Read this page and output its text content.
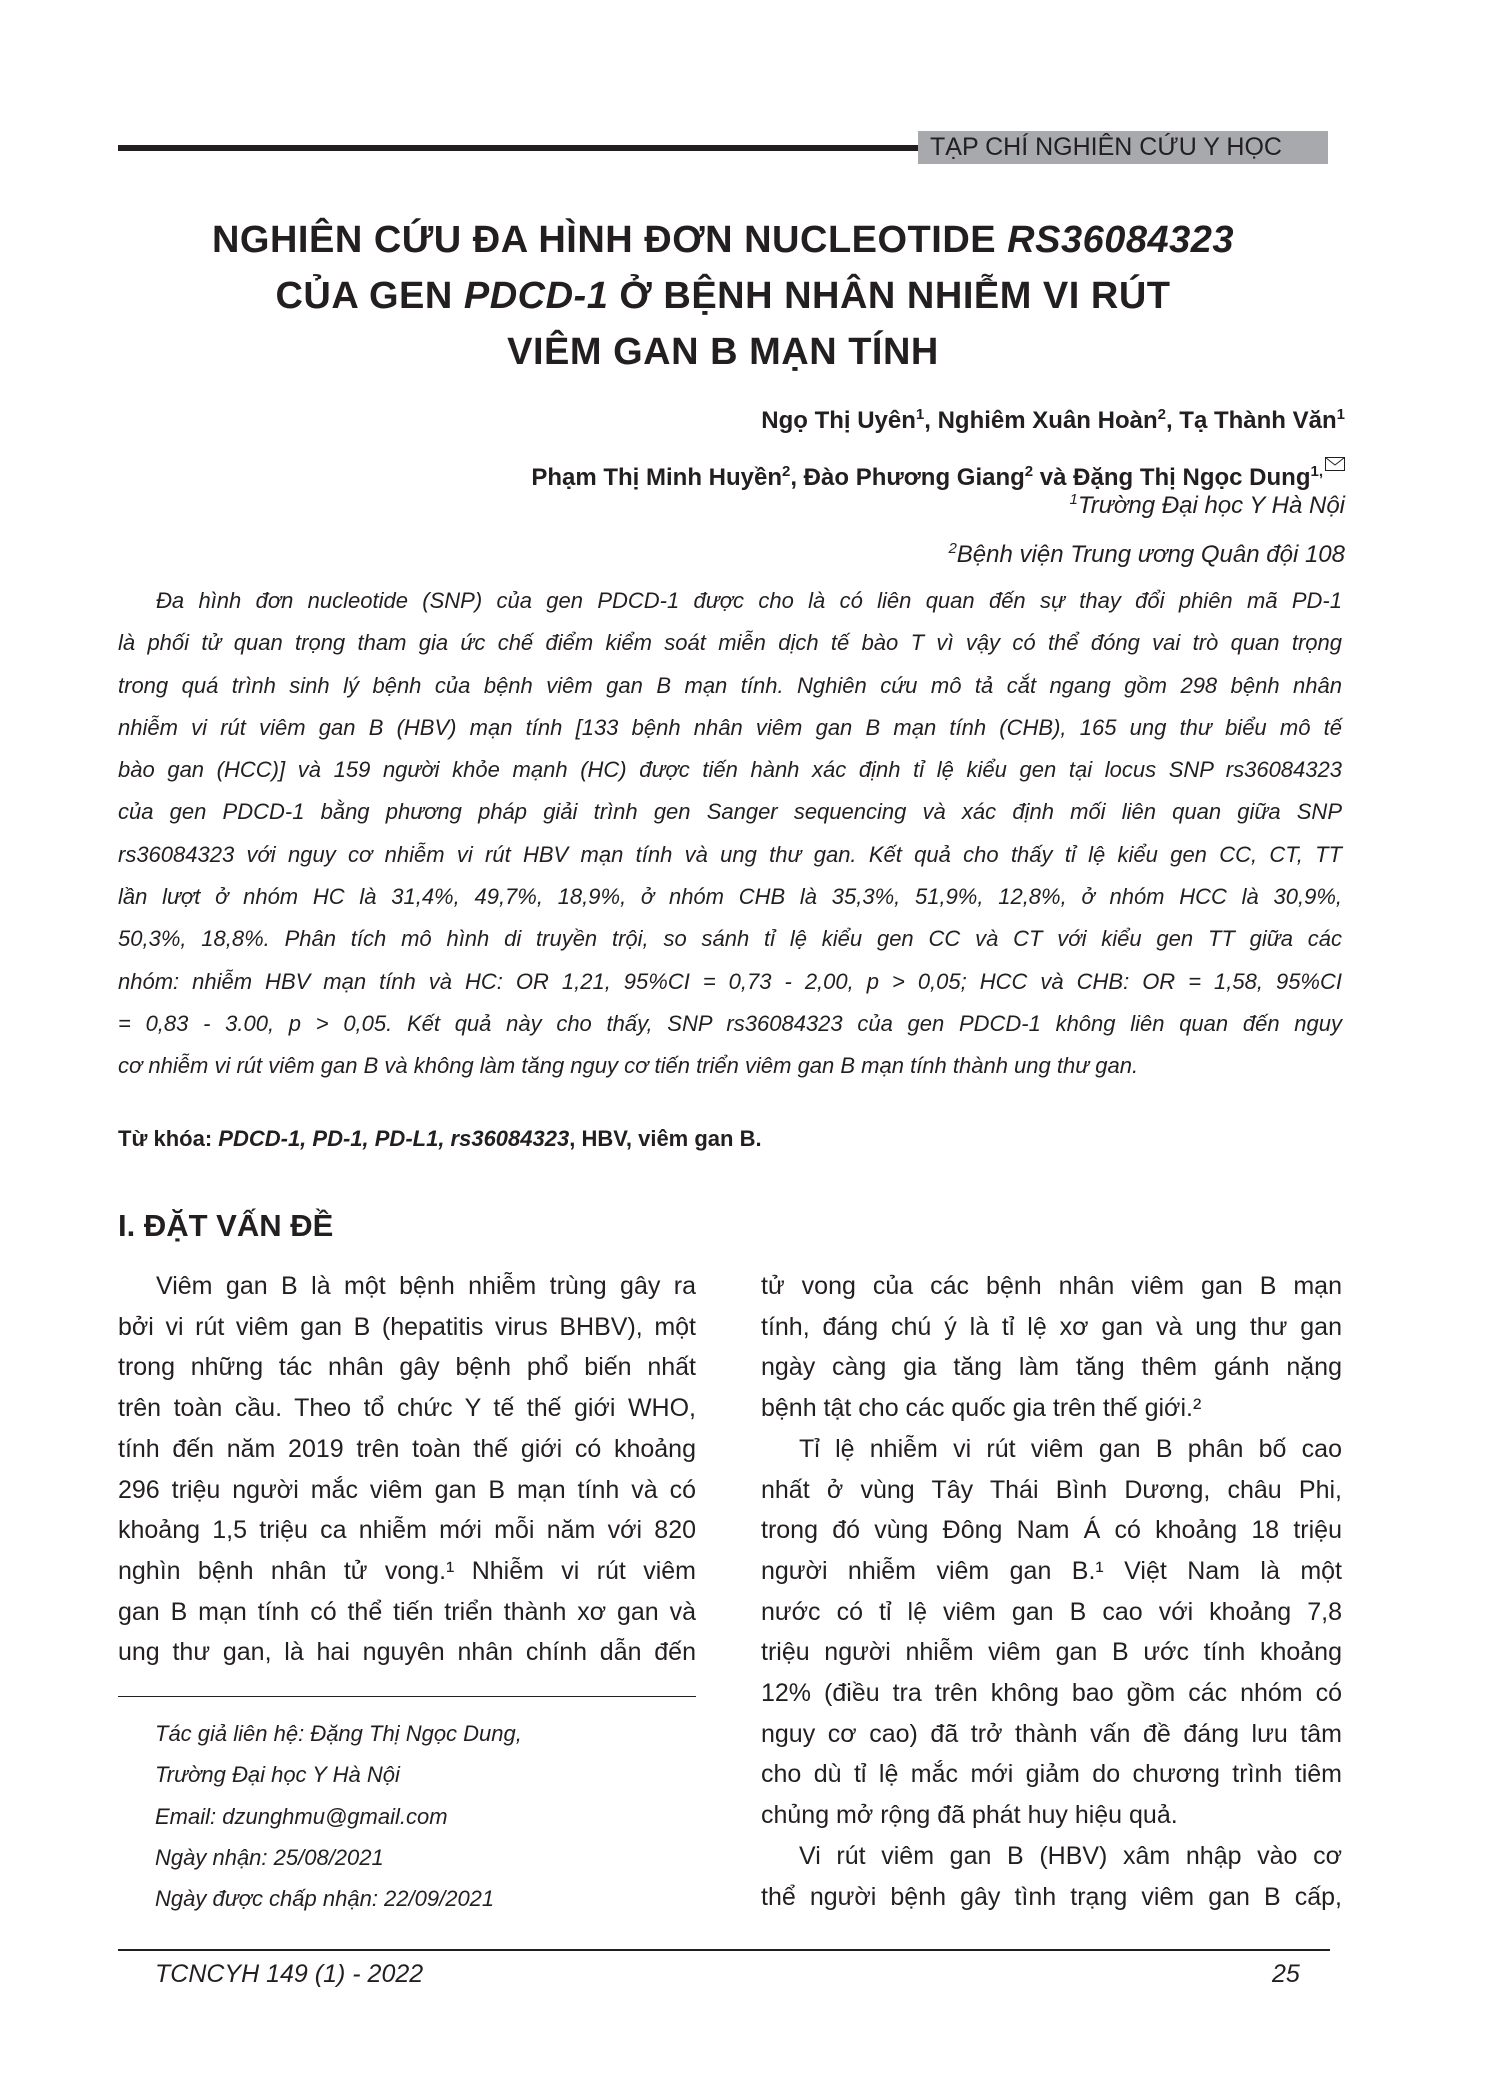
TẠP CHÍ NGHIÊN CỨU Y HỌC
NGHIÊN CỨU ĐA HÌNH ĐƠN NUCLEOTIDE RS36084323
CỦA GEN PDCD-1 Ở BỆNH NHÂN NHIỄM VI RÚT
VIÊM GAN B MẠN TÍNH
Ngọ Thị Uyên$^1$, Nghiêm Xuân Hoàn$^2$, Tạ Thành Văn$^1$
Phạm Thị Minh Huyền$^2$, Đào Phương Giang$^2$ và Đặng Thị Ngọc Dung$^{1,}$
$^1$Trường Đại học Y Hà Nội
$^2$Bệnh viện Trung ương Quân đội 108
Đa hình đơn nucleotide (SNP) của gen PDCD-1 được cho là có liên quan đến sự thay đổi phiên mã PD-1
là phối tử quan trọng tham gia ức chế điểm kiểm soát miễn dịch tế bào T vì vậy có thể đóng vai trò quan trọng
trong quá trình sinh lý bệnh của bệnh viêm gan B mạn tính. Nghiên cứu mô tả cắt ngang gồm 298 bệnh nhân
nhiễm vi rút viêm gan B (HBV) mạn tính [133 bệnh nhân viêm gan B mạn tính (CHB), 165 ung thư biểu mô tế
bào gan (HCC)] và 159 người khỏe mạnh (HC) được tiến hành xác định tỉ lệ kiểu gen tại locus SNP rs36084323
của gen PDCD-1 bằng phương pháp giải trình gen Sanger sequencing và xác định mối liên quan giữa SNP
rs36084323 với nguy cơ nhiễm vi rút HBV mạn tính và ung thư gan. Kết quả cho thấy tỉ lệ kiểu gen CC, CT, TT
lần lượt ở nhóm HC là 31,4%, 49,7%, 18,9%, ở nhóm CHB là 35,3%, 51,9%, 12,8%, ở nhóm HCC là 30,9%,
50,3%, 18,8%. Phân tích mô hình di truyền trội, so sánh tỉ lệ kiểu gen CC và CT với kiểu gen TT giữa các
nhóm: nhiễm HBV mạn tính và HC: OR 1,21, 95%CI = 0,73 - 2,00, p > 0,05; HCC và CHB: OR = 1,58, 95%CI
= 0,83 - 3.00, p > 0,05. Kết quả này cho thấy, SNP rs36084323 của gen PDCD-1 không liên quan đến nguy
cơ nhiễm vi rút viêm gan B và không làm tăng nguy cơ tiến triển viêm gan B mạn tính thành ung thư gan.
Từ khóa: PDCD-1, PD-1, PD-L1, rs36084323, HBV, viêm gan B.
I. ĐẶT VẤN ĐỀ
Viêm gan B là một bệnh nhiễm trùng gây ra
bởi vi rút viêm gan B (hepatitis virus BHBV), một
trong những tác nhân gây bệnh phổ biến nhất
trên toàn cầu. Theo tổ chức Y tế thế giới WHO,
tính đến năm 2019 trên toàn thế giới có khoảng
296 triệu người mắc viêm gan B mạn tính và có
khoảng 1,5 triệu ca nhiễm mới mỗi năm với 820
nghìn bệnh nhân tử vong.¹ Nhiễm vi rút viêm
gan B mạn tính có thể tiến triển thành xơ gan và
ung thư gan, là hai nguyên nhân chính dẫn đến
tử vong của các bệnh nhân viêm gan B mạn
tính, đáng chú ý là tỉ lệ xơ gan và ung thư gan
ngày càng gia tăng làm tăng thêm gánh nặng
bệnh tật cho các quốc gia trên thế giới.²
Tỉ lệ nhiễm vi rút viêm gan B phân bố cao
nhất ở vùng Tây Thái Bình Dương, châu Phi,
trong đó vùng Đông Nam Á có khoảng 18 triệu
người nhiễm viêm gan B.¹ Việt Nam là một
nước có tỉ lệ viêm gan B cao với khoảng 7,8
triệu người nhiễm viêm gan B ước tính khoảng
12% (điều tra trên không bao gồm các nhóm có
nguy cơ cao) đã trở thành vấn đề đáng lưu tâm
cho dù tỉ lệ mắc mới giảm do chương trình tiêm
chủng mở rộng đã phát huy hiệu quả.
Vi rút viêm gan B (HBV) xâm nhập vào cơ
thể người bệnh gây tình trạng viêm gan B cấp,
Tác giả liên hệ: Đặng Thị Ngọc Dung,
Trường Đại học Y Hà Nội
Email: dzunghmu@gmail.com
Ngày nhận: 25/08/2021
Ngày được chấp nhận: 22/09/2021
TCNCYH 149 (1) - 2022	25
